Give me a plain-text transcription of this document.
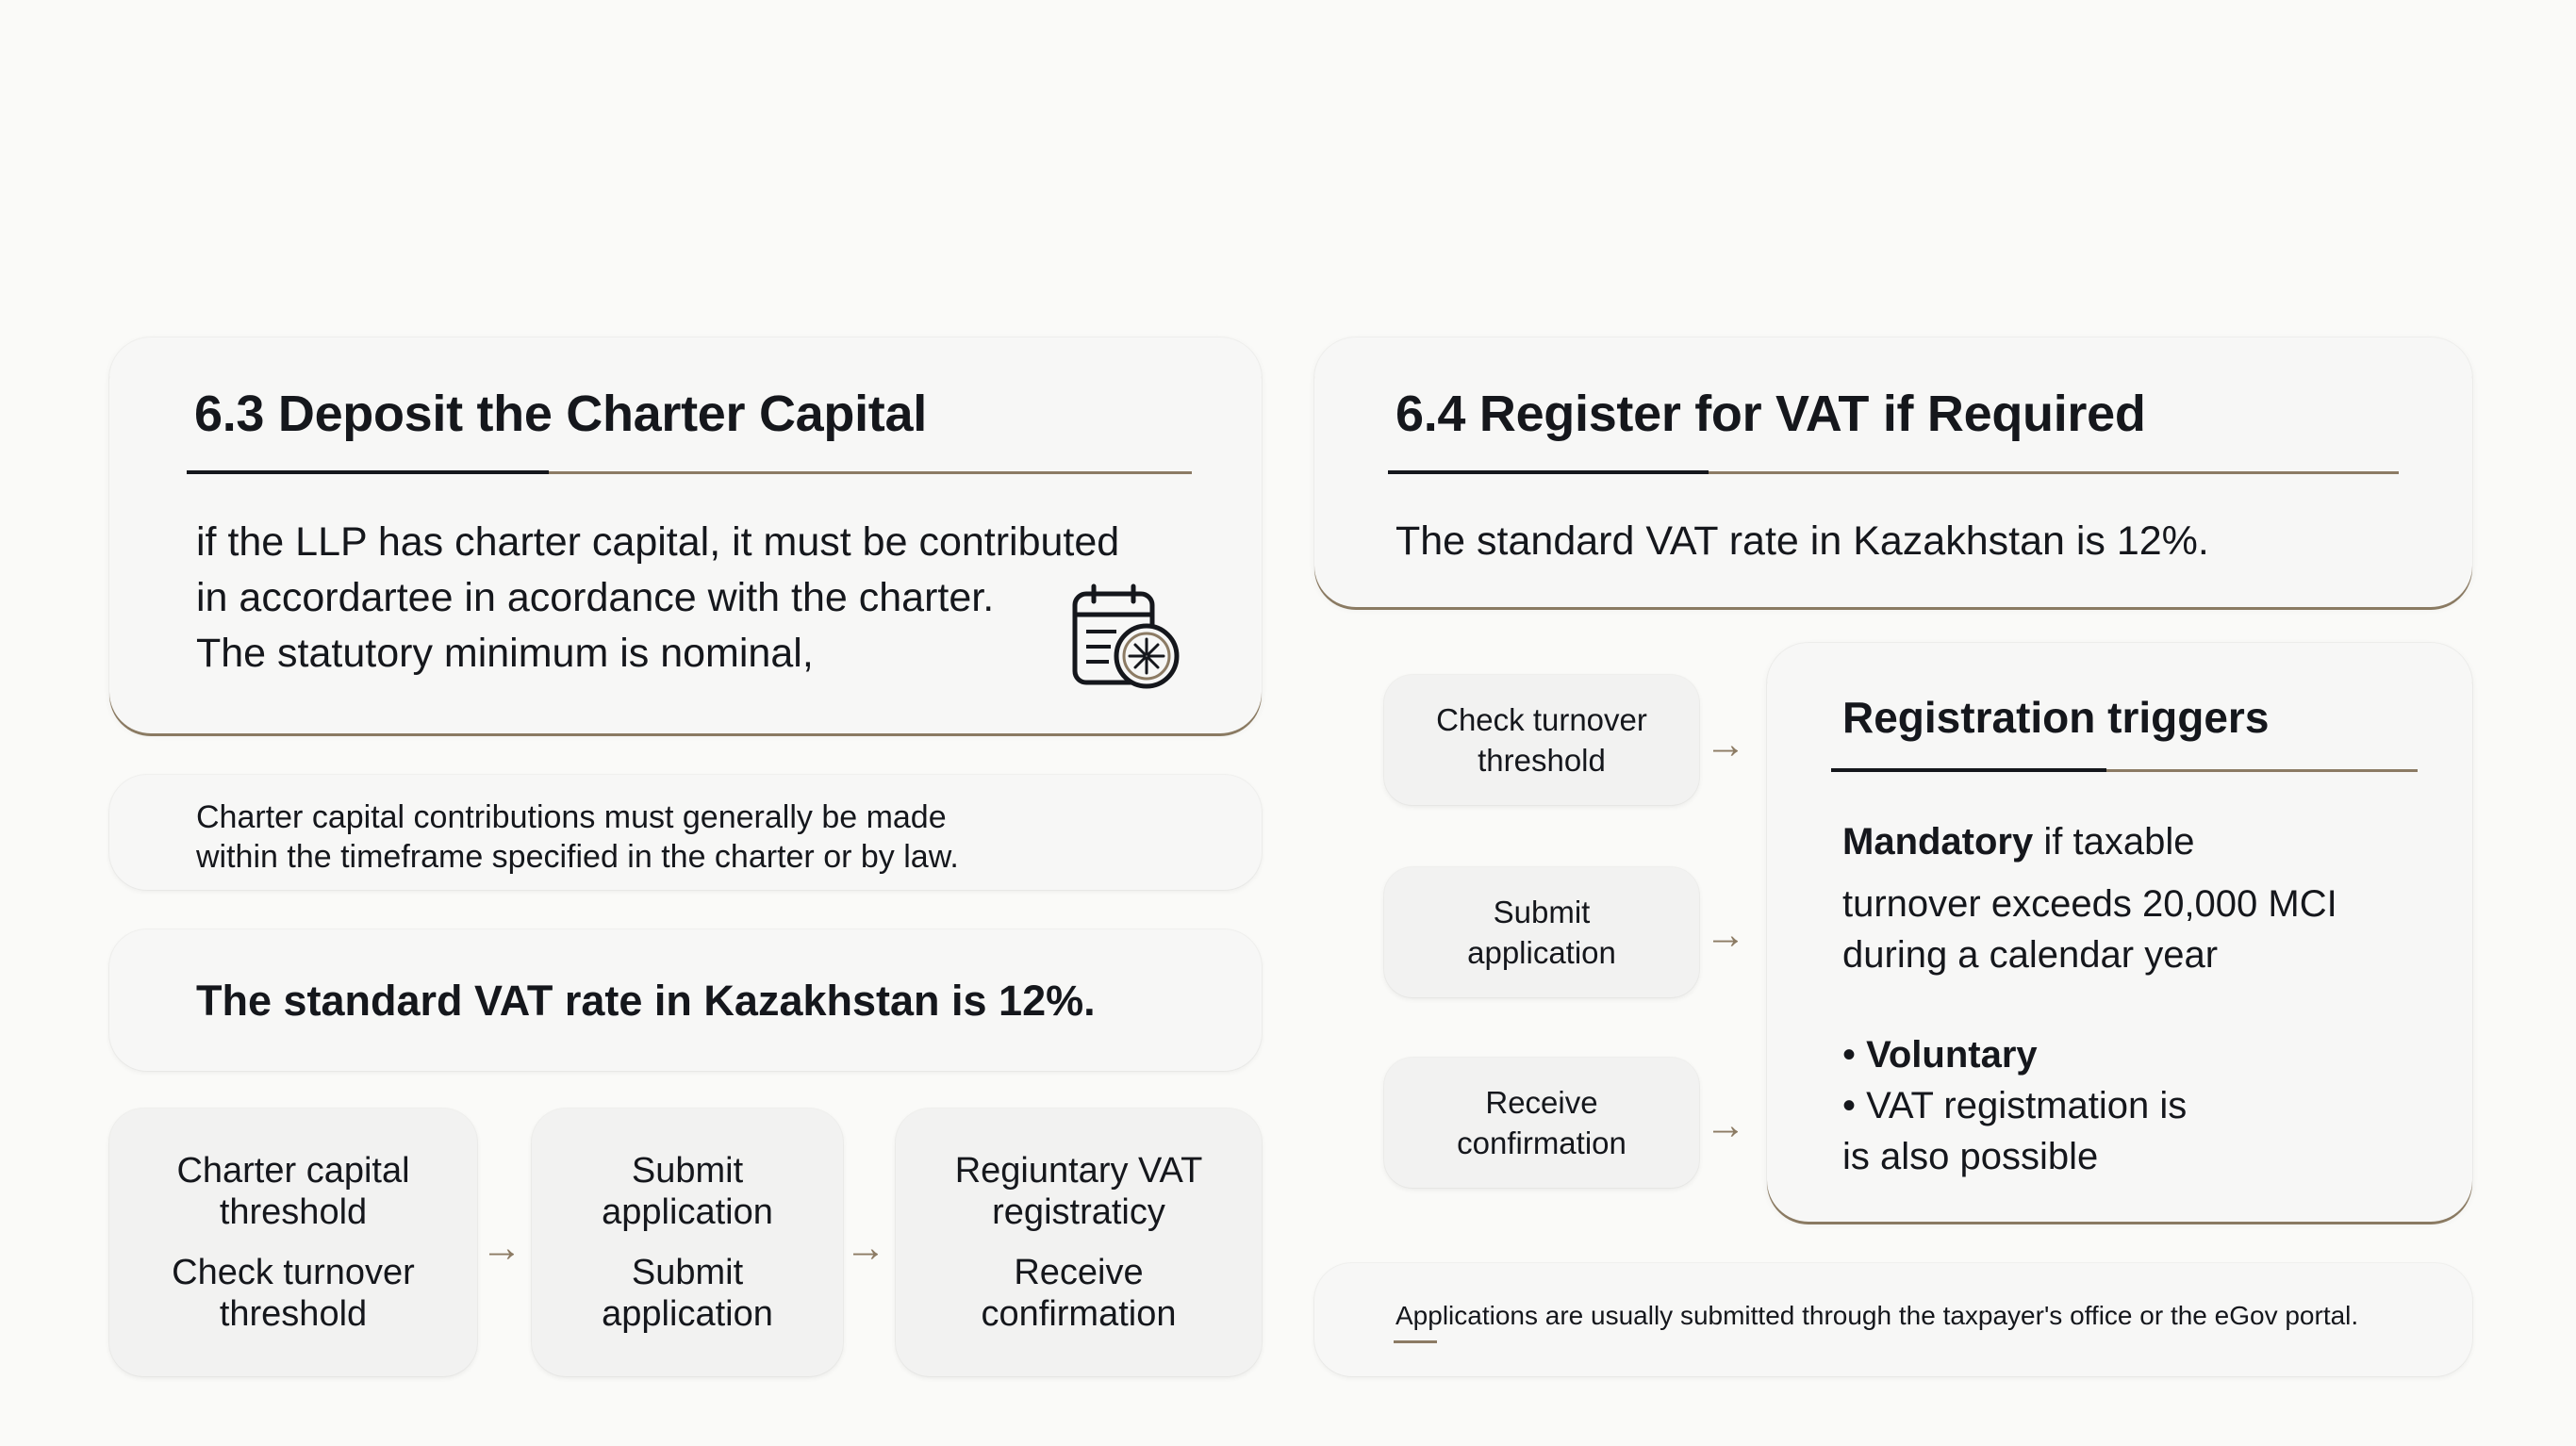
6.3 Deposit the Charter Capital
if the LLP has charter capital, it must be contributed
in accordartee in acordance with the charter.
The statutory minimum is nominal,
Charter capital contributions must generally be made
within the timeframe specified in the charter or by law.
The standard VAT rate in Kazakhstan is 12%.
Charter capital
threshold
Check turnover
threshold
→
Submit
application
Submit
application
→
Regiuntary VAT
registraticy
Receive
confirmation
6.4 Register for VAT if Required
The standard VAT rate in Kazakhstan is 12%.
Check turnover
threshold →
Submit
application →
Receive
confirmation →
Registration triggers
Mandatory if taxable
turnover exceeds 20,000 MCI
during a calendar year
• Voluntary
• VAT registmation is
is also possible
Applications are usually submitted through the taxpayer's office or the eGov portal.
